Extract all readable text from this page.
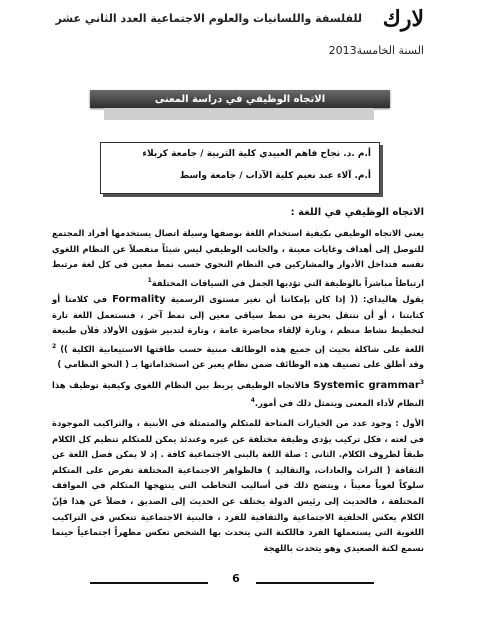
لارك
للفلسفة واللسانيات والعلوم الاجتماعية العدد الثاني عشر
السنة الخامسة2013
الاتجاه الوظيفي في دراسة المعنى
أ.م .د. نجاح فاهم العبيدي كلية التربية / جامعة كربلاء
أ.م. آلاء عبد نعيم كلية الآداب / جامعة واسط
الاتجاه الوظيفي في اللغة :
يعني الاتجاه الوظيفي بكيفية استخدام اللغة بوصفها وسيلة اتصال يستخدمها أفراد المجتمع للتوصل إلى أهداف وغايات معينة ، والجانب الوظيفي ليس شيئاً منفصلاً عن النظام اللغوي نفسه فتداخل الأدوار والمشاركين في النظام النحوي حسب نمط معين في كل لغة مرتبط ارتباطاً مباشراً بالوظيفة التي تؤديها الجمل في السياقات المختلفة$^1$
يقول هاليداي: (( إذا كان بإمكاننا أن نغير مستوى الرسمية Formality في كلامنا أو كتابتنا ، أو أن ننتقل بحرية من نمط سياقي معين إلى نمط آخر ، فنستعمل اللغة تارة لتخطيط نشاط منظم ، وتارة لإلقاء محاضرة عامة ، وتارة لتدبير شؤون الأولاد فلأن طبيعة اللغة على شاكلة بحيث إن جميع هذه الوظائف مبنية حسب طاقتها الاستيعابية الكلية )) $^2$ وقد أطلق على تصنيف هذه الوظائف ضمن نظام يعبر عن استخداماتها بـ ( النحو النظامي )
Systemic grammar$^3$ فالاتجاه الوظيفي يربط بين النظام اللغوي وكيفية توظيف هذا النظام لأداء المعنى ويتمثل ذلك في أمور.$^4$
الأول : وجود عدد من الخيارات المتاحة للمتكلم والمتمثلة في الأبنية ، والتراكيب الموجودة في لغته ، فكل تركيب يؤدي وظيفة مختلفة عن غيره وعندئذ يمكن للمتكلم تنظيم كل الكلام طبقاً لظروف الكلام. الثاني : صلة اللغة بالبنى الاجتماعية كافة . إذ لا يمكن فصل اللغة عن الثقافة ( التراث والعادات، والتقاليد ) فالظواهر الاجتماعية المختلفة تفرض على المتكلم سلوكاً لغوياً معيناً ، ويتضح ذلك في أساليب التخاطب التي ينتهجها المتكلم في المواقف المختلفة ، فالحديث إلى رئيس الدولة يختلف عن الحديث إلى الصديق ، فضلاً عن هذا فإنّ الكلام يعكس الخلفية الاجتماعية والثقافية للفرد ، فالبنية الاجتماعية تنعكس في التراكيب اللغوية التي يستعملها الفرد فاللكنة التي يتحدث بها الشخص تعكس مظهراً اجتماعياً حينما نسمع لكنة الصعيدي وهو يتحدث باللهجة
6
